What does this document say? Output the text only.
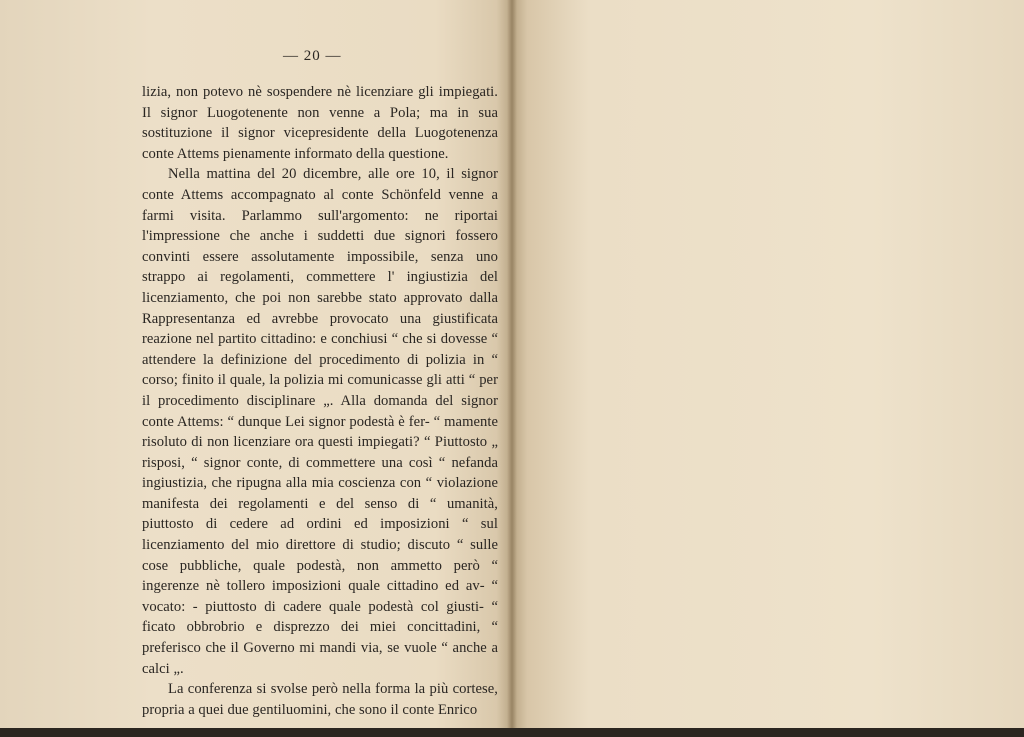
— 20 —

lizia, non potevo nè sospendere nè licenziare gli impiegati. Il signor Luogotenente non venne a Pola; ma in sua sostituzione il signor vicepresidente della Luogotenenza conte Attems pienamente informato della questione.

Nella mattina del 20 dicembre, alle ore 10, il signor conte Attems accompagnato al conte Schönfeld venne a farmi visita. Parlammo sull'argomento: ne riportai l'impressione che anche i suddetti due signori fossero convinti essere assolutamente impossibile, senza uno strappo ai regolamenti, commettere l' ingiustizia del licenziamento, che poi non sarebbe stato approvato dalla Rappresentanza ed avrebbe provocato una giustificata reazione nel partito cittadino: e conchiusi “ che si dovesse “ attendere la definizione del procedimento di polizia in “ corso; finito il quale, la polizia mi comunicasse gli atti “ per il procedimento disciplinare „. Alla domanda del signor conte Attems: “ dunque Lei signor podestà è fer- “ mamente risoluto di non licenziare ora questi impiegati? “ Piuttosto „ risposi, “ signor conte, di commettere una così “ nefanda ingiustizia, che ripugna alla mia coscienza con “ violazione manifesta dei regolamenti e del senso di “ umanità, piuttosto di cedere ad ordini ed imposizioni “ sul licenziamento del mio direttore di studio; discuto “ sulle cose pubbliche, quale podestà, non ammetto però “ ingerenze nè tollero imposizioni quale cittadino ed av- “ vocato: - piuttosto di cadere quale podestà col giusti- “ ficato obbrobrio e disprezzo dei miei concittadini, “ preferisco che il Governo mi mandi via, se vuole “ anche a calci „.

La conferenza si svolse però nella forma la più cortese, propria a quei due gentiluomini, che sono il conte Enrico
